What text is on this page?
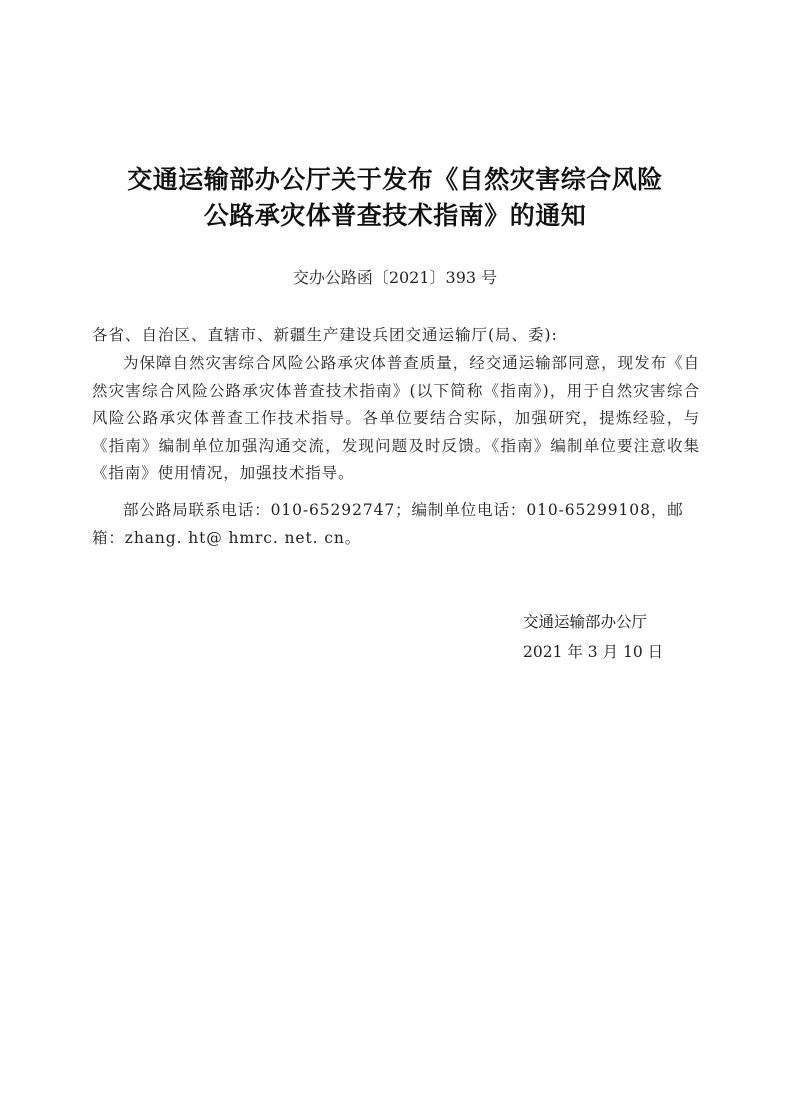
交通运输部办公厅关于发布《自然灾害综合风险
公路承灾体普查技术指南》的通知
交办公路函〔2021〕393 号
各省、自治区、直辖市、新疆生产建设兵团交通运输厅(局、委):
为保障自然灾害综合风险公路承灾体普查质量，经交通运输部同意，现发布《自然灾害综合风险公路承灾体普查技术指南》(以下简称《指南》)，用于自然灾害综合风险公路承灾体普查工作技术指导。各单位要结合实际，加强研究，提炼经验，与《指南》编制单位加强沟通交流，发现问题及时反馈。《指南》编制单位要注意收集《指南》使用情况，加强技术指导。
部公路局联系电话：010-65292747；编制单位电话：010-65299108，邮箱：zhang. ht@ hmrc. net. cn。
交通运输部办公厅
2021 年 3 月 10 日
